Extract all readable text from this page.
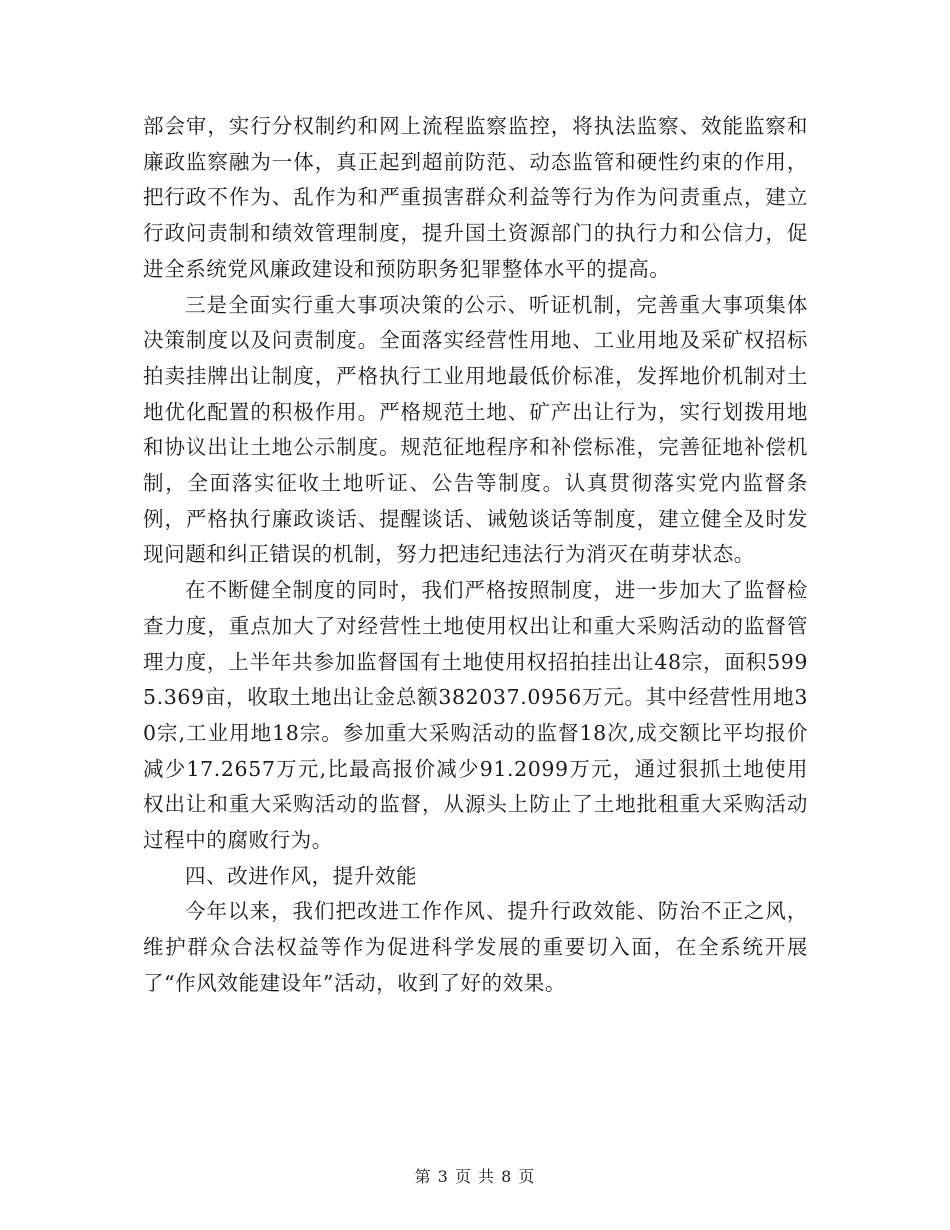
部会审，实行分权制约和网上流程监察监控，将执法监察、效能监察和廉政监察融为一体，真正起到超前防范、动态监管和硬性约束的作用，把行政不作为、乱作为和严重损害群众利益等行为作为问责重点，建立行政问责制和绩效管理制度，提升国土资源部门的执行力和公信力，促进全系统党风廉政建设和预防职务犯罪整体水平的提高。

三是全面实行重大事项决策的公示、听证机制，完善重大事项集体决策制度以及问责制度。全面落实经营性用地、工业用地及采矿权招标拍卖挂牌出让制度，严格执行工业用地最低价标准，发挥地价机制对土地优化配置的积极作用。严格规范土地、矿产出让行为，实行划拨用地和协议出让土地公示制度。规范征地程序和补偿标准，完善征地补偿机制，全面落实征收土地听证、公告等制度。认真贯彻落实党内监督条例，严格执行廉政谈话、提醒谈话、诫勉谈话等制度，建立健全及时发现问题和纠正错误的机制，努力把违纪违法行为消灭在萌芽状态。

在不断健全制度的同时，我们严格按照制度，进一步加大了监督检查力度，重点加大了对经营性土地使用权出让和重大采购活动的监督管理力度，上半年共参加监督国有土地使用权招拍挂出让48宗，面积5995.369亩，收取土地出让金总额382037.0956万元。其中经营性用地30宗,工业用地18宗。参加重大采购活动的监督18次,成交额比平均报价减少17.2657万元,比最高报价减少91.2099万元，通过狠抓土地使用权出让和重大采购活动的监督，从源头上防止了土地批租重大采购活动过程中的腐败行为。

四、改进作风，提升效能

今年以来，我们把改进工作作风、提升行政效能、防治不正之风，维护群众合法权益等作为促进科学发展的重要切入面，在全系统开展了“作风效能建设年”活动，收到了好的效果。

第 3 页 共 8 页
